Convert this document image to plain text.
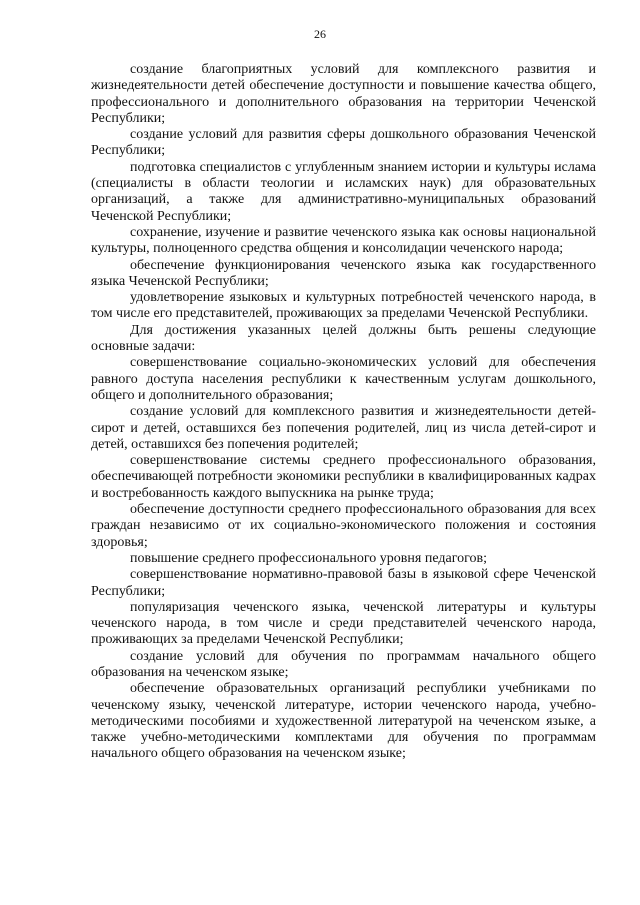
26

создание благоприятных условий для комплексного развития и жизнедеятельности детей обеспечение доступности и повышение качества общего, профессионального и дополнительного образования на территории Чеченской Республики;

создание условий для развития сферы дошкольного образования Чеченской Республики;

подготовка специалистов с углубленным знанием истории и культуры ислама (специалисты в области теологии и исламских наук) для образовательных организаций, а также для административно-муниципальных образований Чеченской Республики;

сохранение, изучение и развитие чеченского языка как основы национальной культуры, полноценного средства общения и консолидации чеченского народа;

обеспечение функционирования чеченского языка как государственного языка Чеченской Республики;

удовлетворение языковых и культурных потребностей чеченского народа, в том числе его представителей, проживающих за пределами Чеченской Республики.

Для достижения указанных целей должны быть решены следующие основные задачи:

совершенствование социально-экономических условий для обеспечения равного доступа населения республики к качественным услугам дошкольного, общего и дополнительного образования;

создание условий для комплексного развития и жизнедеятельности детей-сирот и детей, оставшихся без попечения родителей, лиц из числа детей-сирот и детей, оставшихся без попечения родителей;

совершенствование системы среднего профессионального образования, обеспечивающей потребности экономики республики в квалифицированных кадрах и востребованность каждого выпускника на рынке труда;

обеспечение доступности среднего профессионального образования для всех граждан независимо от их социально-экономического положения и состояния здоровья;

повышение среднего профессионального уровня педагогов;

совершенствование нормативно-правовой базы в языковой сфере Чеченской Республики;

популяризация чеченского языка, чеченской литературы и культуры чеченского народа, в том числе и среди представителей чеченского народа, проживающих за пределами Чеченской Республики;

создание условий для обучения по программам начального общего образования на чеченском языке;

обеспечение образовательных организаций республики учебниками по чеченскому языку, чеченской литературе, истории чеченского народа, учебно-методическими пособиями и художественной литературой на чеченском языке, а также учебно-методическими комплектами для обучения по программам начального общего образования на чеченском языке;
